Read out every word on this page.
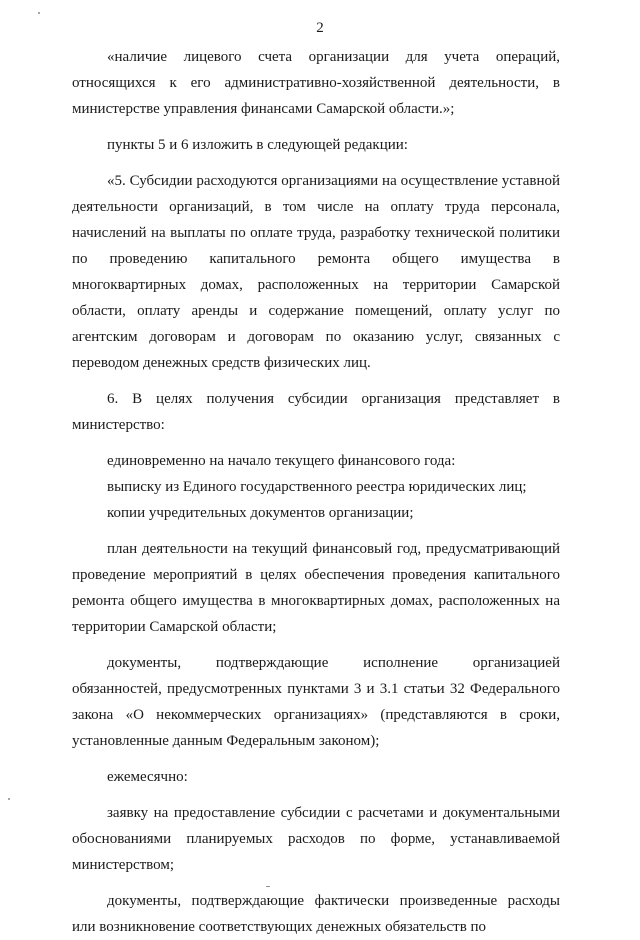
2

«наличие лицевого счета организации для учета операций, относящихся к его административно-хозяйственной деятельности, в министерстве управления финансами Самарской области.»;

пункты 5 и 6 изложить в следующей редакции:

«5. Субсидии расходуются организациями на осуществление уставной деятельности организаций, в том числе на оплату труда персонала, начислений на выплаты по оплате труда, разработку технической политики по проведению капитального ремонта общего имущества в многоквартирных домах, расположенных на территории Самарской области, оплату аренды и содержание помещений, оплату услуг по агентским договорам и договорам по оказанию услуг, связанных с переводом денежных средств физических лиц.

6. В целях получения субсидии организация представляет в министерство:

единовременно на начало текущего финансового года:

выписку из Единого государственного реестра юридических лиц;

копии учредительных документов организации;

план деятельности на текущий финансовый год, предусматривающий проведение мероприятий в целях обеспечения проведения капитального ремонта общего имущества в многоквартирных домах, расположенных на территории Самарской области;

документы, подтверждающие исполнение организацией обязанностей, предусмотренных пунктами 3 и 3.1 статьи 32 Федерального закона «О некоммерческих организациях» (представляются в сроки, установленные данным Федеральным законом);

ежемесячно:

заявку на предоставление субсидии с расчетами и документальными обоснованиями планируемых расходов по форме, устанавливаемой министерством;

документы, подтверждающие фактически произведенные расходы или возникновение соответствующих денежных обязательств по
